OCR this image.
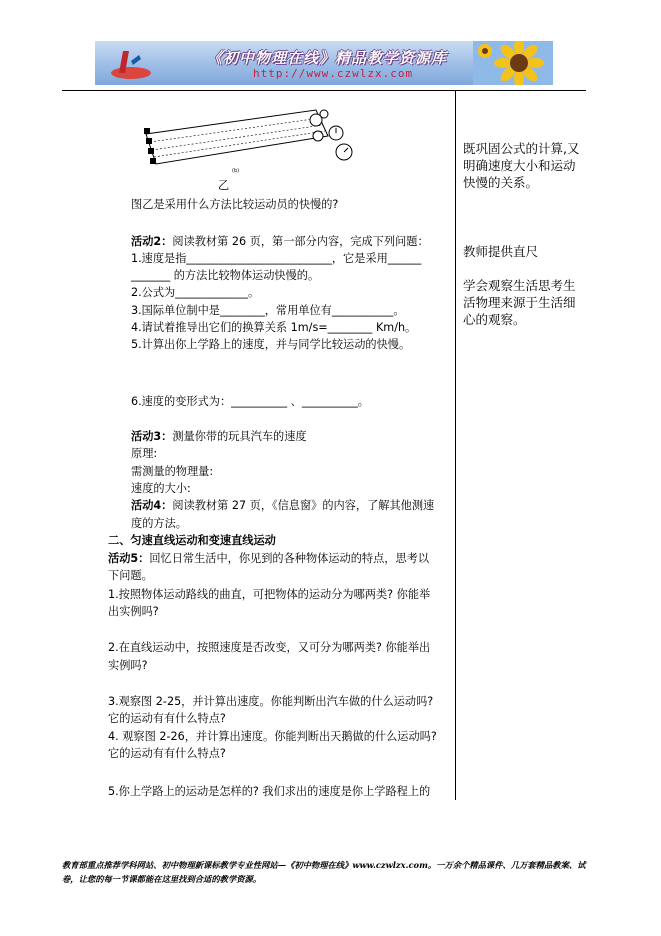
《初中物理在线》精品教学资源库
http://www.czwlzx.com
(b)
乙
图乙是采用什么方法比较运动员的快慢的?
活动2：阅读教材第 26 页，第一部分内容，完成下列问题：
1.速度是指__________________________，它是采用______
_______ 的方法比较物体运动快慢的。
2.公式为_____________。
3.国际单位制中是________，常用单位有___________。
4.请试着推导出它们的换算关系 1m/s=________ Km/h。
5.计算出你上学路上的速度，并与同学比较运动的快慢。
6.速度的变形式为：__________ 、__________。
活动3：测量你带的玩具汽车的速度
原理:
需测量的物理量:
速度的大小:
活动4：阅读教材第 27 页，《信息窗》的内容，了解其他测速
度的方法。
二、匀速直线运动和变速直线运动
活动5：回忆日常生活中，你见到的各种物体运动的特点，思考以
下问题。
1.按照物体运动路线的曲直，可把物体的运动分为哪两类? 你能举
出实例吗?
2.在直线运动中，按照速度是否改变，又可分为哪两类? 你能举出
实例吗?
3.观察图 2-25，并计算出速度。你能判断出汽车做的什么运动吗?
它的运动有有什么特点?
4. 观察图 2-26，并计算出速度。你能判断出天鹅做的什么运动吗?
它的运动有有什么特点?
5.你上学路上的运动是怎样的? 我们求出的速度是你上学路程上的
既巩固公式的计算,又明确速度大小和运动快慢的关系。
教师提供直尺
学会观察生活思考生活物理来源于生活细心的观察。
教育部重点推荐学科网站、初中物理新课标教学专业性网站—《初中物理在线》www.czwlzx.com。一万余个精品课件、几万套精品教案、试卷，让您的每一节课都能在这里找到合适的教学资源。
